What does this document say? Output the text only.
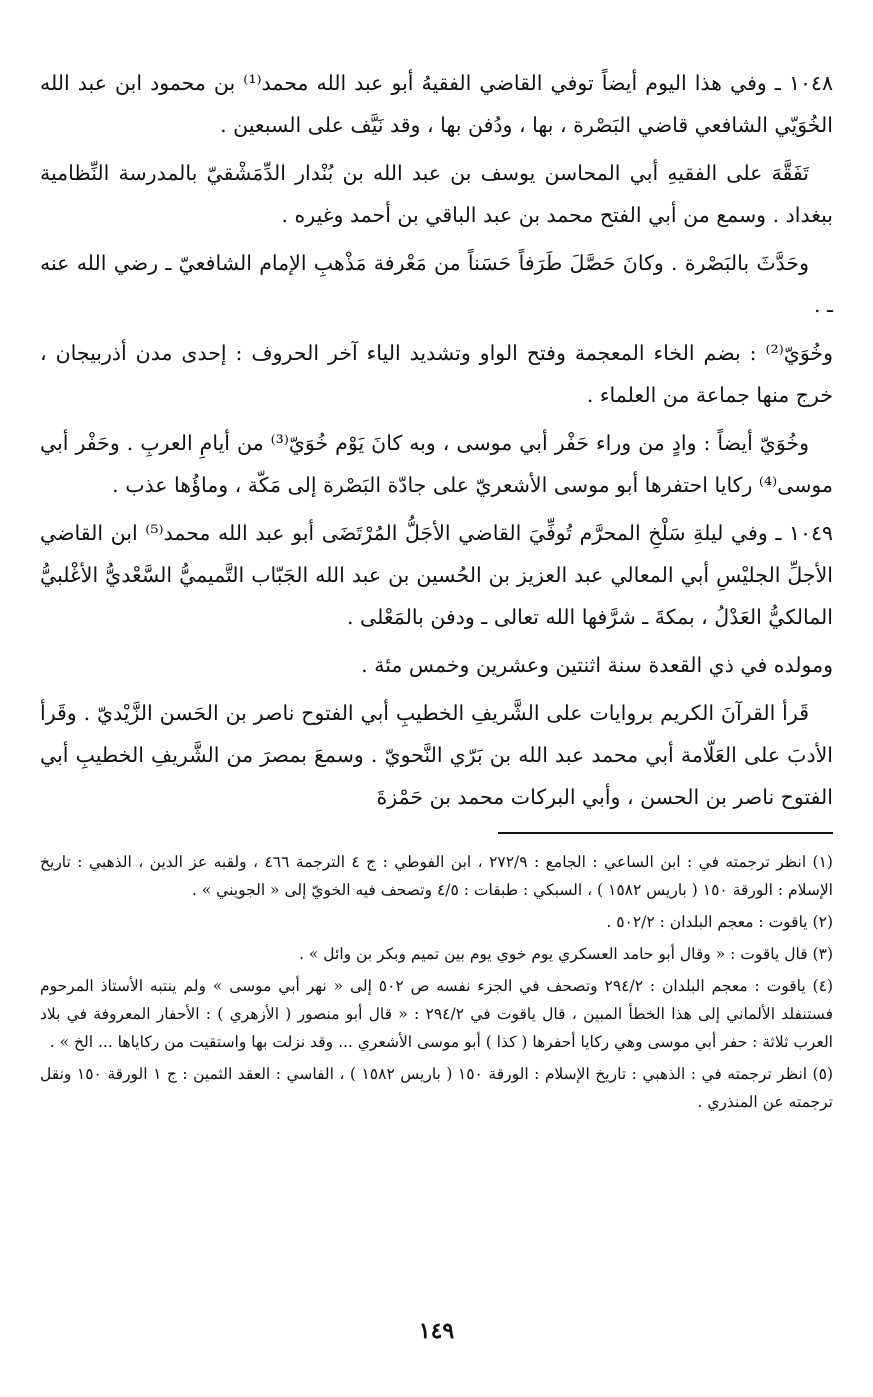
١٠٤٨ ـ وفي هذا اليوم أيضاً توفي القاضي الفقيهُ أبو عبد الله محمد⁽¹⁾ بن محمود ابن عبد الله الخُوَيّي الشافعي قاضي البَصْرة ، بها ، ودُفن بها ، وقد نَيَّف على السبعين .

تَفَقَّهَ على الفقيهِ أبي المحاسن يوسف بن عبد الله بن بُنْدار الدِّمَشْقيّ بالمدرسة النِّظامية ببغداد . وسمع من أبي الفتح محمد بن عبد الباقي بن أحمد وغيره .

وحَدَّثَ بالبَصْرة . وكانَ حَصَّلَ طَرَفاً حَسَناً من مَعْرفة مَذْهبِ الإمام الشافعيّ ـ رضي الله عنه ـ .

وخُوَيّ⁽²⁾ : بضم الخاء المعجمة وفتح الواو وتشديد الياء آخر الحروف : إحدى مدن أذربيجان ، خرج منها جماعة من العلماء .

وخُوَيّ أيضاً : وادٍ من وراء حَفْر أبي موسى ، وبه كانَ يَوْم خُوَيّ⁽³⁾ من أيامِ العربِ . وحَفْر أبي موسى⁽⁴⁾ ركايا احتفرها أبو موسى الأشعريّ على جادّة البَصْرة إلى مَكّة ، وماؤُها عذب .

١٠٤٩ ـ وفي ليلةِ سَلْخِ المحرَّم تُوفِّيَ القاضي الأجَلُّ المُرْتَضَى أبو عبد الله محمد⁽⁵⁾ ابن القاضي الأجلِّ الجليْسِ أبي المعالي عبد العزيز بن الحُسين بن عبد الله الجَبّاب التَّميميُّ السَّعْديُّ الأغْلبيُّ المالكيُّ العَدْلُ ، بمكةَ ـ شرَّفها الله تعالى ـ ودفن بالمَعْلى .

ومولده في ذي القعدة سنة اثنتين وعشرين وخمس مئة .

قَرأ القرآنَ الكريم بروايات على الشَّريفِ الخطيبِ أبي الفتوح ناصر بن الحَسن الزَّيْديّ . وقَرأ الأدبَ على العَلّامة أبي محمد عبد الله بن بَرّي النَّحويّ . وسمعَ بمصرَ من الشَّريفِ الخطيبِ أبي الفتوح ناصر بن الحسن ، وأبي البركات محمد بن حَمْزةَ

(١) انظر ترجمته في : ابن الساعي : الجامع : ٢٧٢/٩ ، ابن الفوطي : ج ٤ الترجمة ٤٦٦ ، ولقبه عز الدين ، الذهبي : تاريخ الإسلام : الورقة ١٥٠ ( باريس ١٥٨٢ ) ، السبكي : طبقات : ٤/٥ وتصحف فيه الخويّ إلى « الجويني » .

(٢) ياقوت : معجم البلدان : ٥٠٢/٢ .

(٣) قال ياقوت : « وقال أبو حامد العسكري يوم خوي يوم بين تميم وبكر بن وائل » .

(٤) ياقوت : معجم البلدان : ٢٩٤/٢ وتصحف في الجزء نفسه ص ٥٠٢ إلى « نهر أبي موسى » ولم ينتبه الأستاذ المرحوم فستنفلد الألماني إلى هذا الخطأ المبين ، قال ياقوت في ٢٩٤/٢ : « قال أبو منصور ( الأزهري ) : الأحفار المعروفة في بلاد العرب ثلاثة : حفر أبي موسى وهي ركايا أحفرها ( كذا ) أبو موسى الأشعري ... وقد نزلت بها واستقيت من ركاياها ... الخ » .

(٥) انظر ترجمته في : الذهبي : تاريخ الإسلام : الورقة ١٥٠ ( باريس ١٥٨٢ ) ، الفاسي : العقد الثمين : ج ١ الورقة ١٥٠ ونقل ترجمته عن المنذري .

١٤٩
